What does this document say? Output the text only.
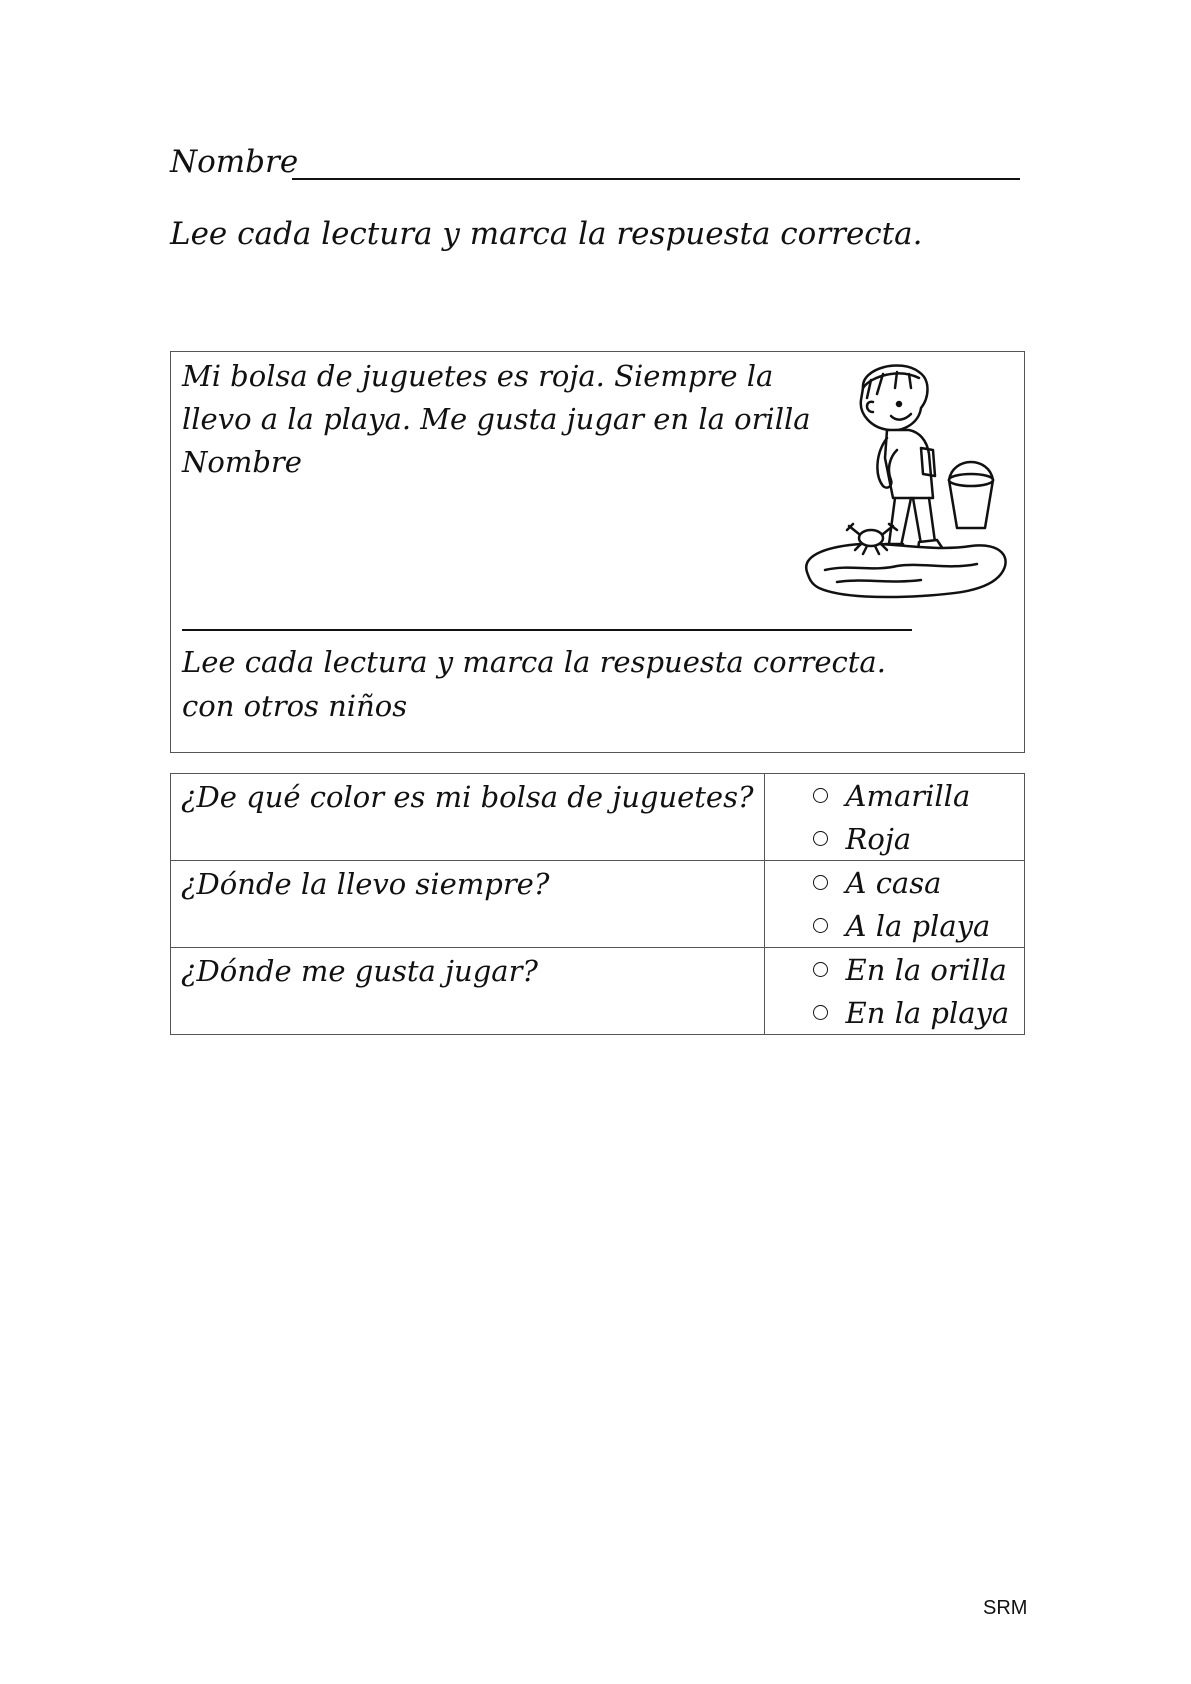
Nombre
Lee cada lectura y marca la respuesta correcta.
Mi bolsa de juguetes es roja. Siempre la
llevo a la playa. Me gusta jugar en la orilla
Nombre
Lee cada lectura y marca la respuesta correcta.
con otros niños
¿De qué color es mi bolsa de juguetes?	Amarilla
Roja

¿Dónde la llevo siempre?	A casa
A la playa

¿Dónde me gusta jugar?	En la orilla
En la playa
SRM
